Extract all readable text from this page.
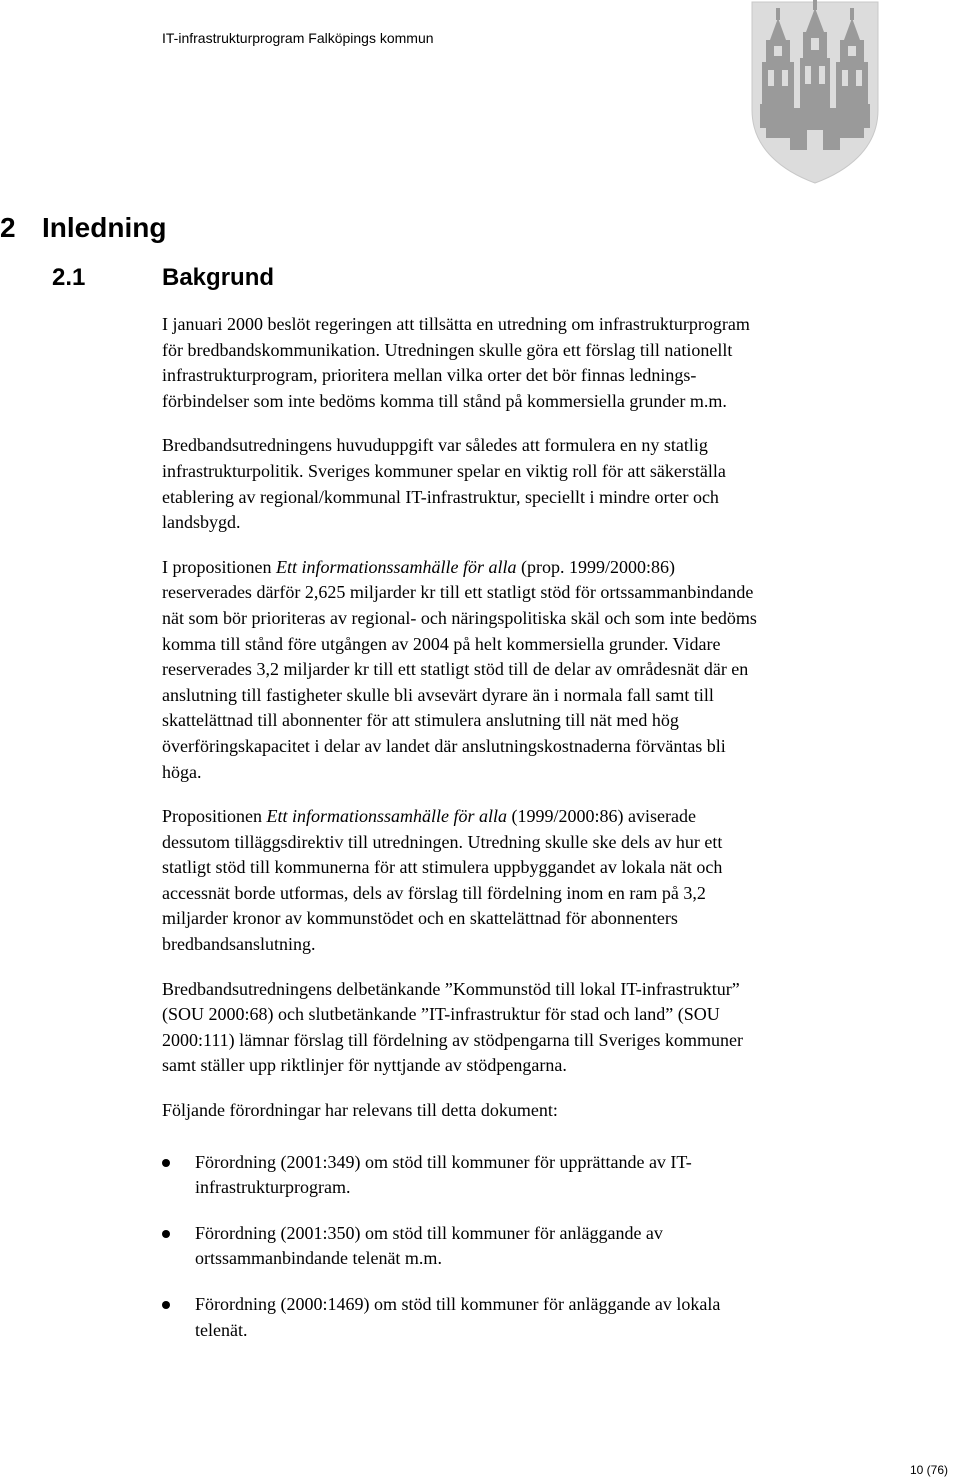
IT-infrastrukturprogram Falköpings kommun
2 Inledning
2.1	Bakgrund

I januari 2000 beslöt regeringen att tillsätta en utredning om infrastrukturprogram
för bredbandskommunikation. Utredningen skulle göra ett förslag till nationellt
infrastrukturprogram, prioritera mellan vilka orter det bör finnas lednings-
förbindelser som inte bedöms komma till stånd på kommersiella grunder m.m.

Bredbandsutredningens huvuduppgift var således att formulera en ny statlig
infrastrukturpolitik. Sveriges kommuner spelar en viktig roll för att säkerställa
etablering av regional/kommunal IT-infrastruktur, speciellt i mindre orter och
landsbygd.

I propositionen Ett informationssamhälle för alla (prop. 1999/2000:86)
reserverades därför 2,625 miljarder kr till ett statligt stöd för ortssammanbindande
nät som bör prioriteras av regional- och näringspolitiska skäl och som inte bedöms
komma till stånd före utgången av 2004 på helt kommersiella grunder. Vidare
reserverades 3,2 miljarder kr till ett statligt stöd till de delar av områdesnät där en
anslutning till fastigheter skulle bli avsevärt dyrare än i normala fall samt till
skattelättnad till abonnenter för att stimulera anslutning till nät med hög
överföringskapacitet i delar av landet där anslutningskostnaderna förväntas bli
höga.

Propositionen Ett informationssamhälle för alla (1999/2000:86) aviserade
dessutom tilläggsdirektiv till utredningen. Utredning skulle ske dels av hur ett
statligt stöd till kommunerna för att stimulera uppbyggandet av lokala nät och
accessnät borde utformas, dels av förslag till fördelning inom en ram på 3,2
miljarder kronor av kommunstödet och en skattelättnad för abonnenters
bredbandsanslutning.

Bredbandsutredningens delbetänkande ”Kommunstöd till lokal IT-infrastruktur”
(SOU 2000:68) och slutbetänkande ”IT-infrastruktur för stad och land” (SOU
2000:111) lämnar förslag till fördelning av stödpengarna till Sveriges kommuner
samt ställer upp riktlinjer för nyttjande av stödpengarna.

Följande förordningar har relevans till detta dokument:

Förordning (2001:349) om stöd till kommuner för upprättande av IT-
infrastrukturprogram.
Förordning (2001:350) om stöd till kommuner för anläggande av
ortssammanbindande telenät m.m.
Förordning (2000:1469) om stöd till kommuner för anläggande av lokala
telenät.
10 (76)
